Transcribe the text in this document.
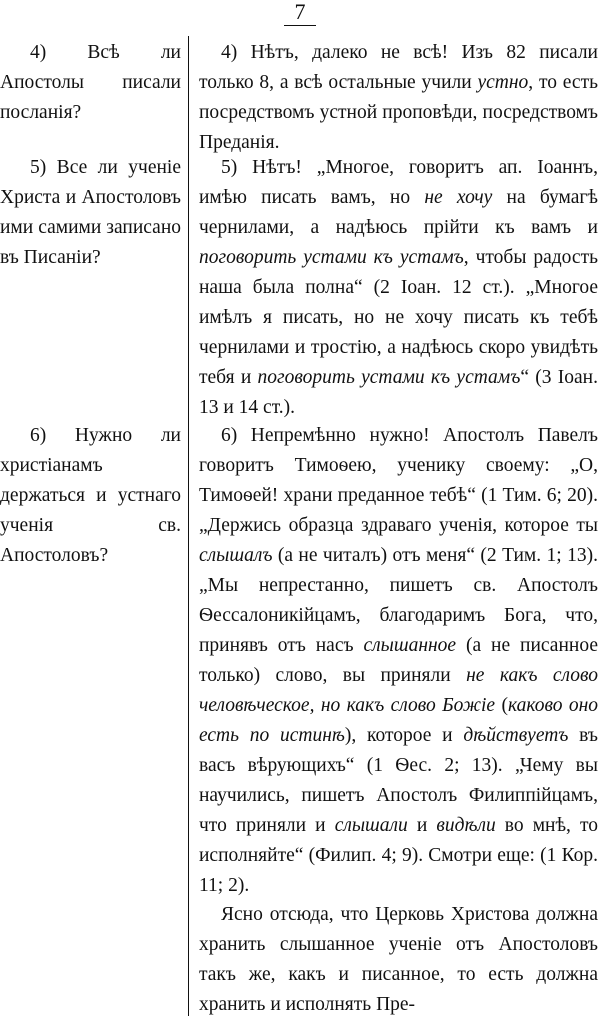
7
4) Всѣ ли Апостолы писали посланія?
5) Все ли ученіе Христа и Апостоловъ ими самими записано въ Писаніи?
6) Нужно ли христіанамъ держаться и устнаго ученія св. Апостоловъ?
4) Нѣтъ, далеко не всѣ! Изъ 82 писали только 8, а всѣ остальные учили устно, то есть посредствомъ устной проповѣди, посредствомъ Преданія.
5) Нѣтъ! „Многое, говоритъ ап. Іоаннъ, имѣю писать вамъ, но не хочу на бумагѣ чернилами, а надѣюсь прійти къ вамъ и поговорить устами къ устамъ, чтобы радость наша была полна“ (2 Іоан. 12 ст.). „Многое имѣлъ я писать, но не хочу писать къ тебѣ чернилами и тростію, а надѣюсь скоро увидѣть тебя и поговорить устами къ устамъ“ (3 Іоан. 13 и 14 ст.).
6) Непремѣнно нужно! Апостолъ Павелъ говоритъ Тимоѳею, ученику своему: „О, Тимоѳей! храни преданное тебѣ“ (1 Тим. 6; 20). „Держись образца здраваго ученія, которое ты слышалъ (а не читалъ) отъ меня“ (2 Тим. 1; 13). „Мы непрестанно, пишетъ св. Апостолъ Ѳессалоникійцамъ, благодаримъ Бога, что, принявъ отъ насъ слышанное (а не писанное только) слово, вы приняли не какъ слово человѣческое, но какъ слово Божіе (каково оно есть по истинѣ), которое и дѣйствуетъ въ васъ вѣрующихъ“ (1 Ѳес. 2; 13). „Чему вы научились, пишетъ Апостолъ Филиппійцамъ, что приняли и слышали и видѣли во мнѣ, то исполняйте“ (Филип. 4; 9). Смотри еще: (1 Кор. 11; 2).
Ясно отсюда, что Церковь Христова должна хранить слышанное ученіе отъ Апостоловъ такъ же, какъ и писанное, то есть должна хранить и исполнять Пре-
